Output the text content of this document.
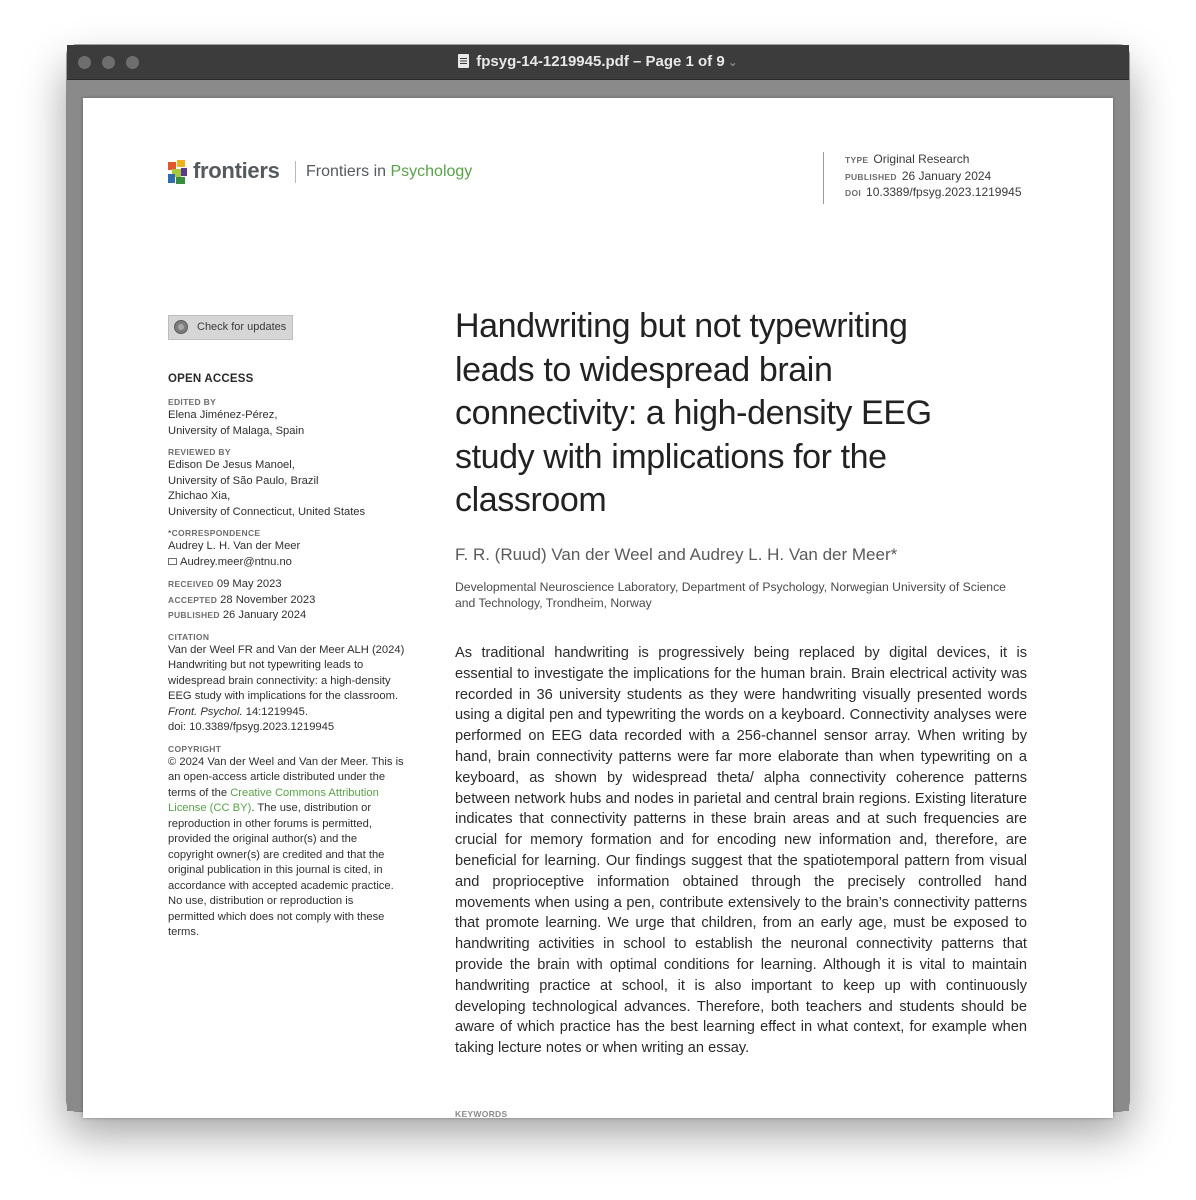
fpsyg-14-1219945.pdf – Page 1 of 9 ⌄
frontiers Frontiers in Psychology
TYPE Original Research
PUBLISHED 26 January 2024
DOI 10.3389/fpsyg.2023.1219945
Check for updates
OPEN ACCESS
EDITED BY
Elena Jiménez-Pérez,
University of Malaga, Spain
REVIEWED BY
Edison De Jesus Manoel,
University of São Paulo, Brazil
Zhichao Xia,
University of Connecticut, United States
*CORRESPONDENCE
Audrey L. H. Van der Meer
Audrey.meer@ntnu.no
RECEIVED 09 May 2023
ACCEPTED 28 November 2023
PUBLISHED 26 January 2024
CITATION
Van der Weel FR and Van der Meer ALH (2024)
Handwriting but not typewriting leads to
widespread brain connectivity: a high-density
EEG study with implications for the classroom.
Front. Psychol. 14:1219945.
doi: 10.3389/fpsyg.2023.1219945
COPYRIGHT
© 2024 Van der Weel and Van der Meer. This is
an open-access article distributed under the
terms of the Creative Commons Attribution
License (CC BY). The use, distribution or
reproduction in other forums is permitted,
provided the original author(s) and the
copyright owner(s) are credited and that the
original publication in this journal is cited, in
accordance with accepted academic practice.
No use, distribution or reproduction is
permitted which does not comply with these
terms.
Handwriting but not typewriting
leads to widespread brain
connectivity: a high-density EEG
study with implications for the
classroom
F. R. (Ruud) Van der Weel and Audrey L. H. Van der Meer*
Developmental Neuroscience Laboratory, Department of Psychology, Norwegian University of Science
and Technology, Trondheim, Norway
As traditional handwriting is progressively being replaced by digital devices, it is essential to investigate the implications for the human brain. Brain electrical activity was recorded in 36 university students as they were handwriting visually presented words using a digital pen and typewriting the words on a keyboard. Connectivity analyses were performed on EEG data recorded with a 256-channel sensor array. When writing by hand, brain connectivity patterns were far more elaborate than when typewriting on a keyboard, as shown by widespread theta/ alpha connectivity coherence patterns between network hubs and nodes in parietal and central brain regions. Existing literature indicates that connectivity patterns in these brain areas and at such frequencies are crucial for memory formation and for encoding new information and, therefore, are beneficial for learning. Our findings suggest that the spatiotemporal pattern from visual and proprioceptive information obtained through the precisely controlled hand movements when using a pen, contribute extensively to the brain’s connectivity patterns that promote learning. We urge that children, from an early age, must be exposed to handwriting activities in school to establish the neuronal connectivity patterns that provide the brain with optimal conditions for learning. Although it is vital to maintain handwriting practice at school, it is also important to keep up with continuously developing technological advances. Therefore, both teachers and students should be aware of which practice has the best learning effect in what context, for example when taking lecture notes or when writing an essay.
KEYWORDS
